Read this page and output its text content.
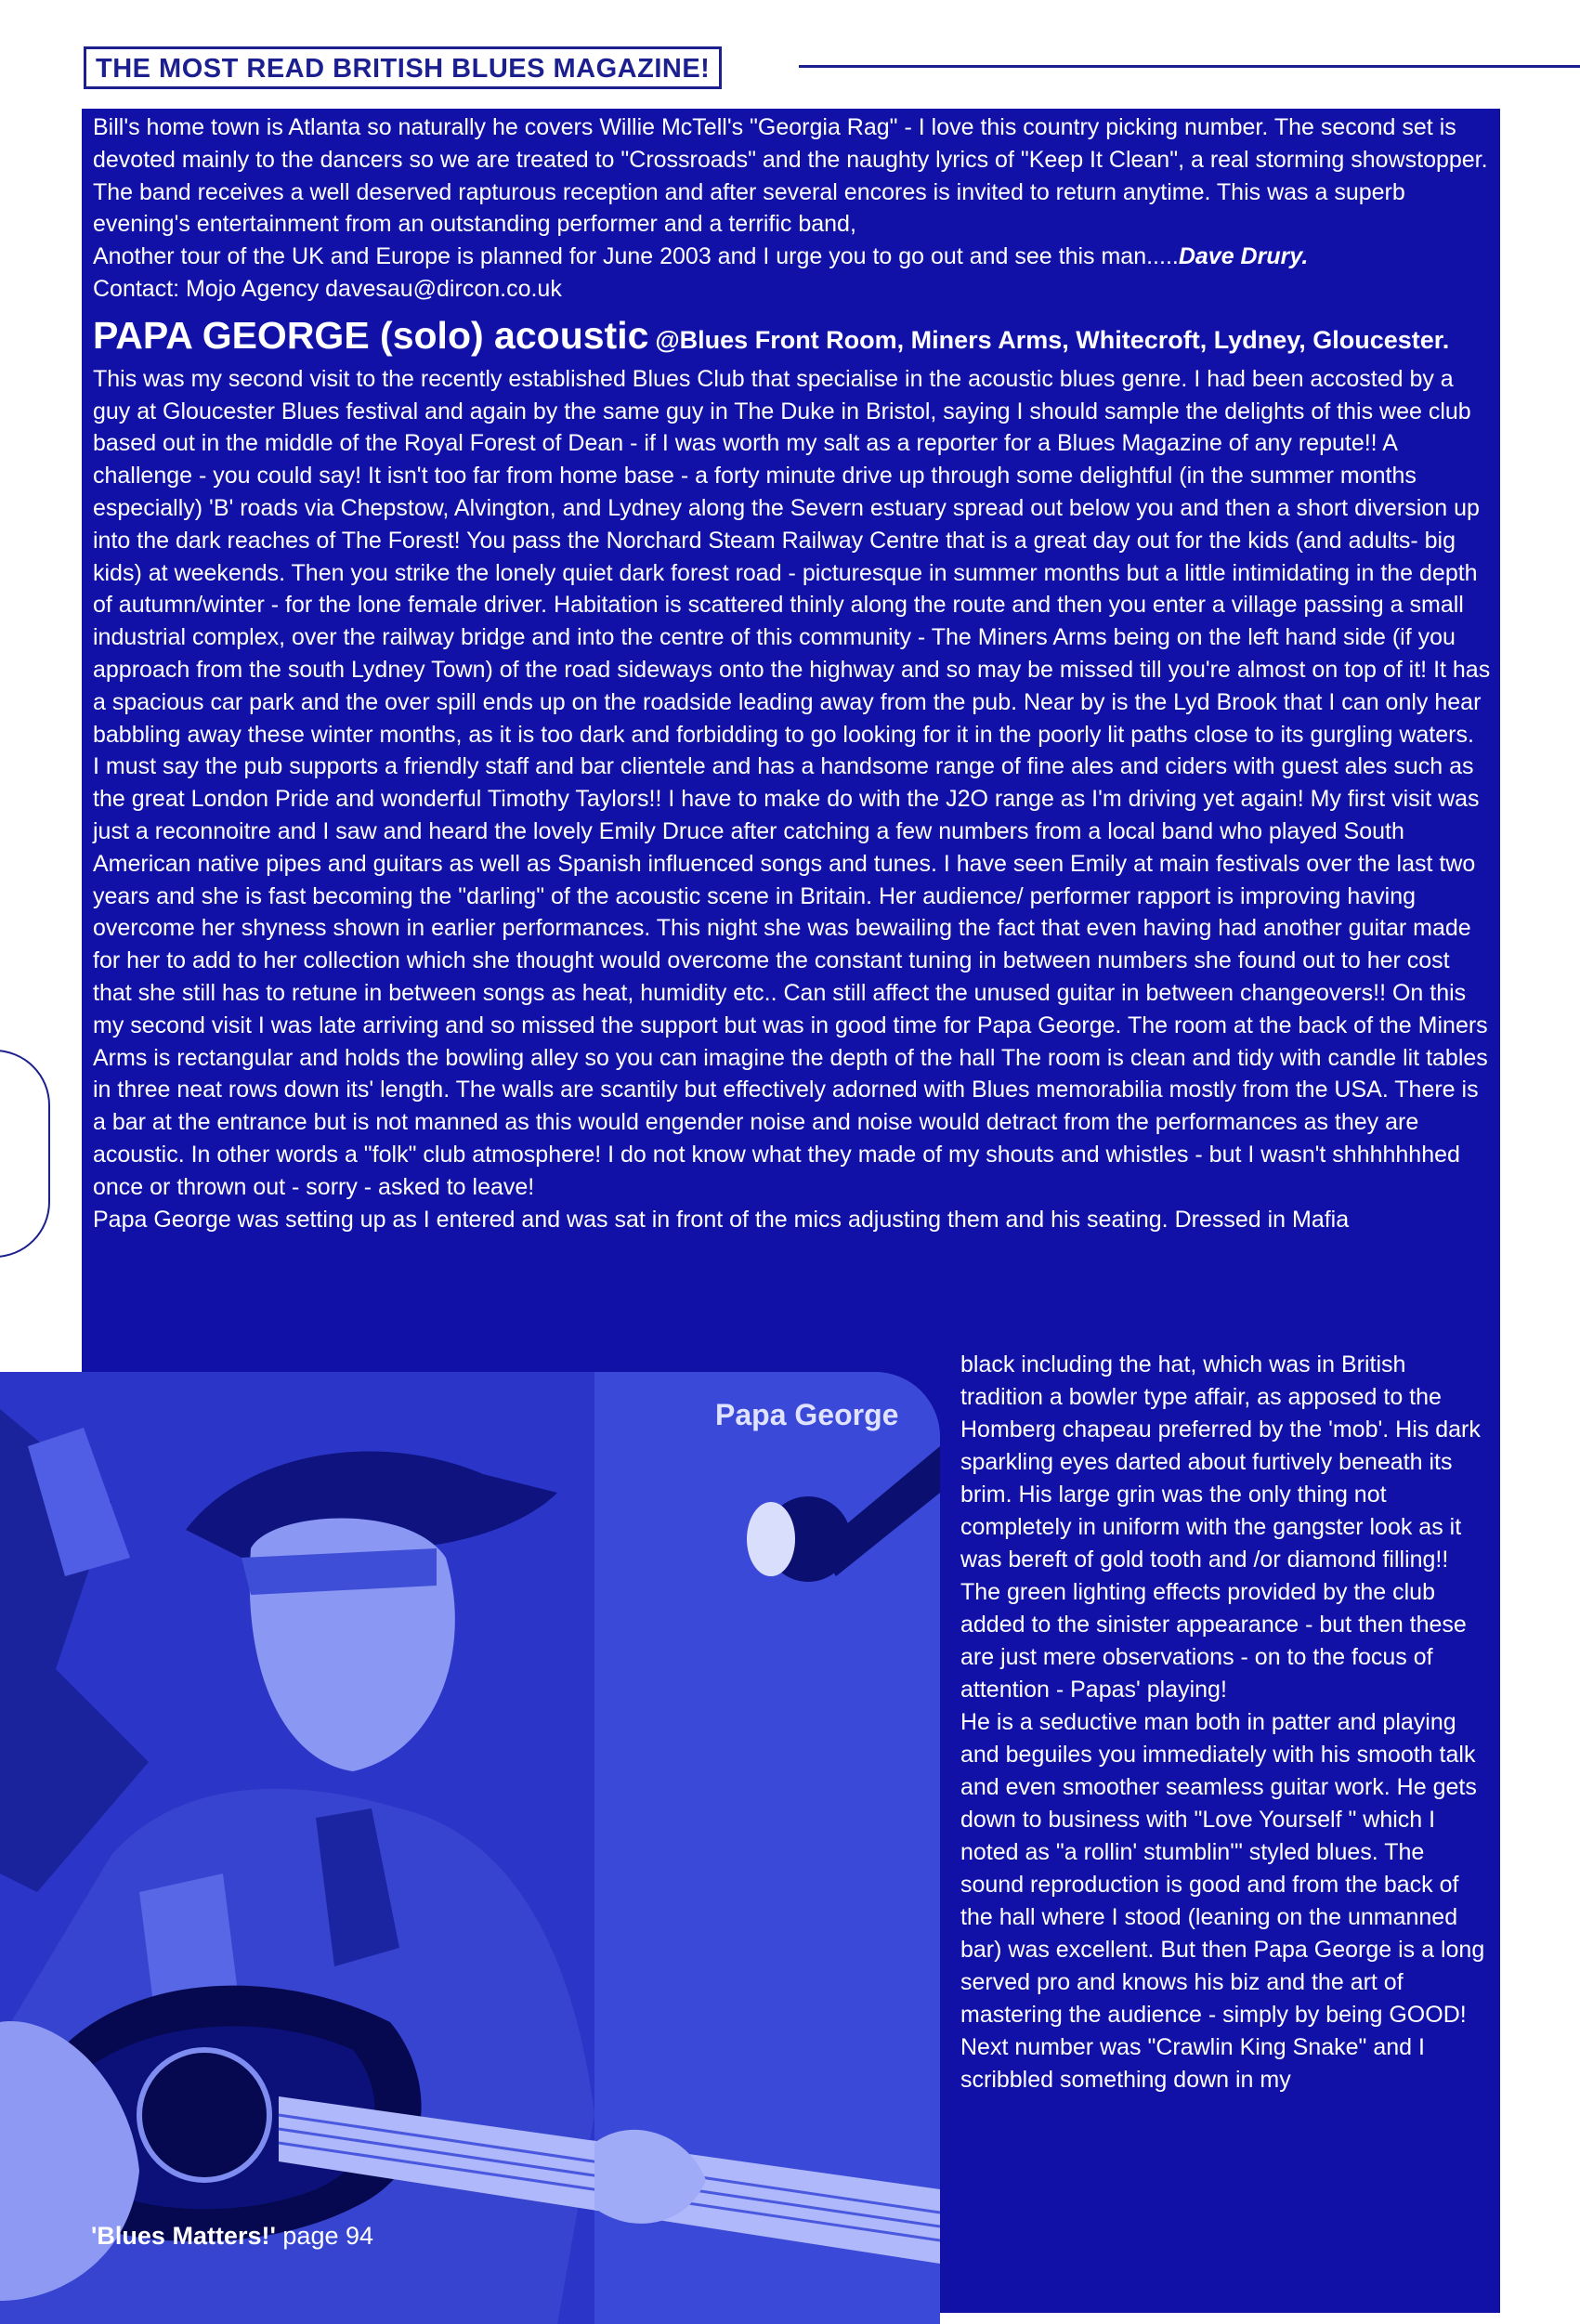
THE MOST READ BRITISH BLUES MAGAZINE!

Bill's home town is Atlanta so naturally he covers Willie McTell's "Georgia Rag" - I love this country picking number. The second set is devoted mainly to the dancers so we are treated to "Crossroads" and the naughty lyrics of "Keep It Clean", a real storming showstopper. The band receives a well deserved rapturous reception and after several encores is invited to return anytime. This was a superb evening's entertainment from an outstanding performer and a terrific band,
Another tour of the UK and Europe is planned for June 2003 and I urge you to go out and see this man.....Dave Drury.

Contact: Mojo Agency davesau@dircon.co.uk

PAPA GEORGE (solo) acoustic @Blues Front Room, Miners Arms, Whitecroft, Lydney, Gloucester.

This was my second visit to the recently established Blues Club that specialise in the acoustic blues genre. I had been accosted by a guy at Gloucester Blues festival and again by the same guy in The Duke in Bristol, saying I should sample the delights of this wee club based out in the middle of the Royal Forest of Dean - if I was worth my salt as a reporter for a Blues Magazine of any repute!! A challenge - you could say! It isn't too far from home base - a forty minute drive up through some delightful (in the summer months especially) 'B' roads via Chepstow, Alvington, and Lydney along the Severn estuary spread out below you and then a short diversion up into the dark reaches of The Forest! You pass the Norchard Steam Railway Centre that is a great day out for the kids (and adults- big kids) at weekends. Then you strike the lonely quiet dark forest road - picturesque in summer months but a little intimidating in the depth of autumn/winter - for the lone female driver. Habitation is scattered thinly along the route and then you enter a village passing a small industrial complex, over the railway bridge and into the centre of this community - The Miners Arms being on the left hand side (if you approach from the south Lydney Town) of the road sideways onto the highway and so may be missed till you're almost on top of it! It has a spacious car park and the over spill ends up on the roadside leading away from the pub. Near by is the Lyd Brook that I can only hear babbling away these winter months, as it is too dark and forbidding to go looking for it in the poorly lit paths close to its gurgling waters.

I must say the pub supports a friendly staff and bar clientele and has a handsome range of fine ales and ciders with guest ales such as the great London Pride and wonderful Timothy Taylors!! I have to make do with the J2O range as I'm driving yet again! My first visit was just a reconnoitre and I saw and heard the lovely Emily Druce after catching a few numbers from a local band who played South American native pipes and guitars as well as Spanish influenced songs and tunes. I have seen Emily at main festivals over the last two years and she is fast becoming the "darling" of the acoustic scene in Britain. Her audience/ performer rapport is improving having overcome her shyness shown in earlier performances. This night she was bewailing the fact that even having had another guitar made for her to add to her collection which she thought would overcome the constant tuning in between numbers she found out to her cost that she still has to retune in between songs as heat, humidity etc.. Can still affect the unused guitar in between changeovers!! On this my second visit I was late arriving and so missed the support but was in good time for Papa George. The room at the back of the Miners Arms is rectangular and holds the bowling alley so you can imagine the depth of the hall The room is clean and tidy with candle lit tables in three neat rows down its' length. The walls are scantily but effectively adorned with Blues memorabilia mostly from the USA. There is a bar at the entrance but is not manned as this would engender noise and noise would detract from the performances as they are acoustic. In other words a "folk" club atmosphere! I do not know what they made of my shouts and whistles - but I wasn't shhhhhhhed once or thrown out - sorry - asked to leave!

Papa George was setting up as I entered and was sat in front of the mics adjusting them and his seating. Dressed in Mafia

Papa George

black including the hat, which was in British tradition a bowler type affair, as apposed to the Homberg chapeau preferred by the 'mob'. His dark sparkling eyes darted about furtively beneath its brim. His large grin was the only thing not completely in uniform with the gangster look as it was bereft of gold tooth and /or diamond filling!! The green lighting effects provided by the club added to the sinister appearance - but then these are just mere observations - on to the focus of attention - Papas' playing!

He is a seductive man both in patter and playing and beguiles you immediately with his smooth talk and even smoother seamless guitar work. He gets down to business with "Love Yourself " which I noted as "a rollin' stumblin'" styled blues. The sound reproduction is good and from the back of the hall where I stood (leaning on the unmanned bar) was excellent. But then Papa George is a long served pro and knows his biz and the art of mastering the audience - simply by being GOOD! Next number was "Crawlin King Snake" and I scribbled something down in my

'Blues Matters!' page 94
